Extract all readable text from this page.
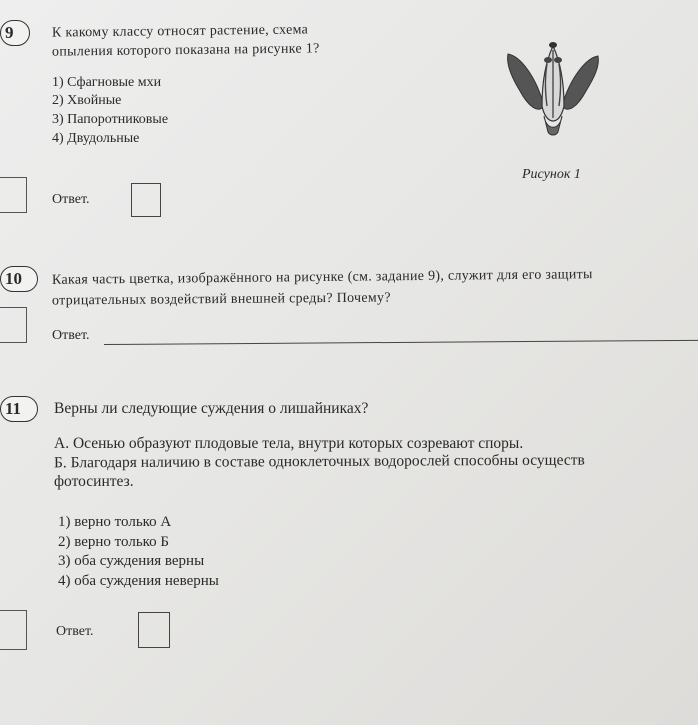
9	К какому классу относят растение, схема
опыления которого показана на рисунке 1?
1) Сфагновые мхи
2) Хвойные
3) Папоротниковые
4) Двудольные
Рисунок 1
Ответ.
10	Какая часть цветка, изображённого на рисунке (см. задание 9), служит для его защиты
отрицательных воздействий внешней среды? Почему?
Ответ.
11	Верны ли следующие суждения о лишайниках?
А. Осенью образуют плодовые тела, внутри которых созревают споры.
Б. Благодаря наличию в составе одноклеточных водорослей способны осуществ
фотосинтез.
1) верно только А
2) верно только Б
3) оба суждения верны
4) оба суждения неверны
Ответ.
